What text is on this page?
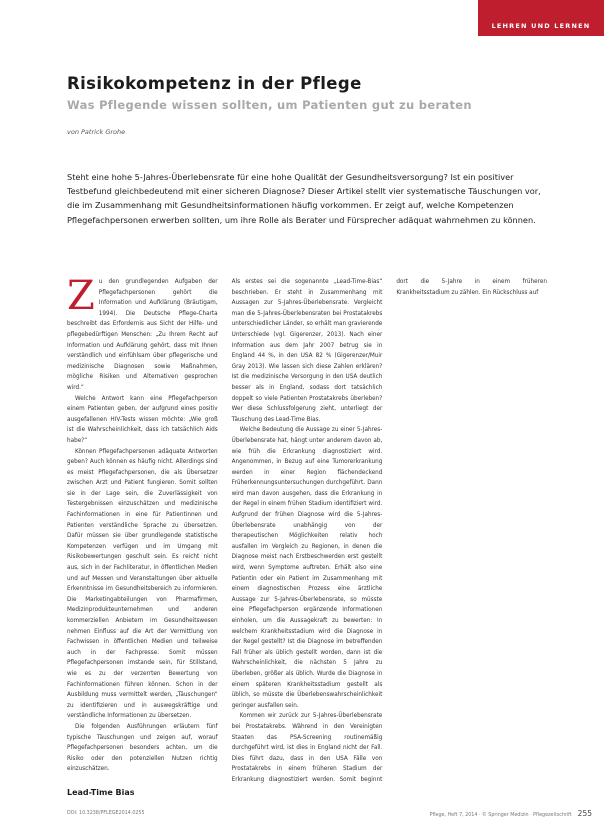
LEHREN UND LERNEN
Risikokompetenz in der Pflege
Was Pflegende wissen sollten, um Patienten gut zu beraten
von Patrick Grohe

Steht eine hohe 5-Jahres-Überlebensrate für eine hohe Qualität der Gesundheitsversorgung? Ist ein positiver Testbefund gleichbedeutend mit einer sicheren Diagnose? Dieser Artikel stellt vier systematische Täuschungen vor, die im Zusammenhang mit Gesundheitsinformationen häufig vorkommen. Er zeigt auf, welche Kompetenzen Pflegefachpersonen erwerben sollten, um ihre Rolle als Berater und Fürsprecher adäquat wahrnehmen zu können.

Zu den grundlegenden Aufgaben der Pflegefachpersonen gehört die Information und Aufklärung (Bräutigam, 1994). Die Deutsche Pflege-Charta beschreibt das Erfordernis aus Sicht der Hilfe- und pflegebedürftigen Menschen: „Zu Ihrem Recht auf Information und Aufklärung gehört, dass mit Ihnen verständlich und einfühlsam über pflegerische und medizinische Diagnosen sowie Maßnahmen, mögliche Risiken und Alternativen gesprochen wird.“

Welche Antwort kann eine Pflegefachperson einem Patienten geben, der aufgrund eines positiv ausgefallenen HIV-Tests wissen möchte: „Wie groß ist die Wahrscheinlichkeit, dass ich tatsächlich Aids habe?“

Können Pflegefachpersonen adäquate Antworten geben? Auch können es häufig nicht. Allerdings sind es meist Pflegefachpersonen, die als Übersetzer zwischen Arzt und Patient fungieren. Somit sollten sie in der Lage sein, die Zuverlässigkeit von Testergebnissen einzuschätzen und medizinische Fachinformationen in eine für Patientinnen und Patienten verständliche Sprache zu übersetzen. Dafür müssen sie über grundlegende statistische Kompetenzen verfügen und im Umgang mit Risikobewertungen geschult sein. Es reicht nicht aus, sich in der Fachliteratur, in öffentlichen Medien und auf Messen und Veranstaltungen über aktuelle Erkenntnisse im Gesundheitsbereich zu informieren. Die Marketingabteilungen von Pharmafirmen, Medizinprodukteunternehmen und anderen kommerziellen Anbietern im Gesundheitswesen nehmen Einfluss auf die Art der Vermittlung von Fachwissen in öffentlichen Medien und teilweise auch in der Fachpresse. Somit müssen Pflegefachpersonen imstande sein, für Stillstand, wie es zu der verzerrten Bewertung von Fachinformationen führen können. Schon in der Ausbildung muss vermittelt werden, „Täuschungen“ zu identifizieren und in auswegskräftige und verständliche Informationen zu übersetzen.

Die folgenden Ausführungen erläutern fünf typische Täuschungen und zeigen auf, worauf Pflegefachpersonen besonders achten, um die Risiko oder den potenziellen Nutzen richtig einzuschätzen.

Lead-Time Bias

Als erstes sei die sogenannte „Lead-Time-Bias“ beschrieben. Er steht in Zusammenhang mit Aussagen zur 5-Jahres-Überlebensrate. Vergleicht man die 5-Jahres-Überlebensraten bei Prostatakrebs unterschiedlicher Länder, so erhält man gravierende Unterschiede (vgl. Gigerenzer, 2013). Nach einer Information aus dem Jahr 2007 betrug sie in England 44 %, in den USA 82 % (Gigerenzer/Muir Gray 2013). Wie lassen sich diese Zahlen erklären? Ist die medizinische Versorgung in den USA deutlich besser als in England, sodass dort tatsächlich doppelt so viele Patienten Prostatakrebs überleben? Wer diese Schlussfolgerung zieht, unterliegt der Täuschung des Lead-Time Bias.

Welche Bedeutung die Aussage zu einer 5-Jahres-Überlebensrate hat, hängt unter anderem davon ab, wie früh die Erkrankung diagnostiziert wird. Angenommen, in Bezug auf eine Tumorerkrankung werden in einer Region flächendeckend Früherkennungsuntersuchungen durchgeführt. Dann wird man davon ausgehen, dass die Erkrankung in der Regel in einem frühen Stadium identifiziert wird. Aufgrund der frühen Diagnose wird die 5-Jahres-Überlebensrate unabhängig von der therapeutischen Möglichkeiten relativ hoch ausfallen im Vergleich zu Regionen, in denen die Diagnose meist nach Erstbeschwerden erst gestellt wird, wenn Symptome auftreten. Erhält also eine Patientin oder ein Patient im Zusammenhang mit einem diagnostischen Prozess eine ärztliche Aussage zur 5-Jahres-Überlebensrate, so müsste eine Pflegefachperson ergänzende Informationen einholen, um die Aussagekraft zu bewerten: In welchem Krankheitsstadium wird die Diagnose in der Regel gestellt? Ist die Diagnose im betreffenden Fall früher als üblich gestellt worden, dann ist die Wahrscheinlichkeit, die nächsten 5 Jahre zu überleben, größer als üblich. Wurde die Diagnose in einem späteren Krankheitsstadium gestellt als üblich, so müsste die Überlebenswahrscheinlichkeit geringer ausfallen sein.

Kommen wir zurück zur 5-Jahres-Überlebensrate bei Prostatakrebs. Während in den Vereinigten Staaten das PSA-Screening routinemäßig durchgeführt wird, ist dies in England nicht der Fall. Dies führt dazu, dass in den USA Fälle von Prostatakrebs in einem früheren Stadium der Erkrankung diagnostiziert werden. Somit beginnt dort die 5-Jahre in einem früheren Krankheitsstadium zu zählen. Ein Rückschluss auf

DOI: 10.3238/PFLEGE2014.0255	Pflege, Heft 7, 2014 · © Springer Medizin · Pflegezeitschrift 255
